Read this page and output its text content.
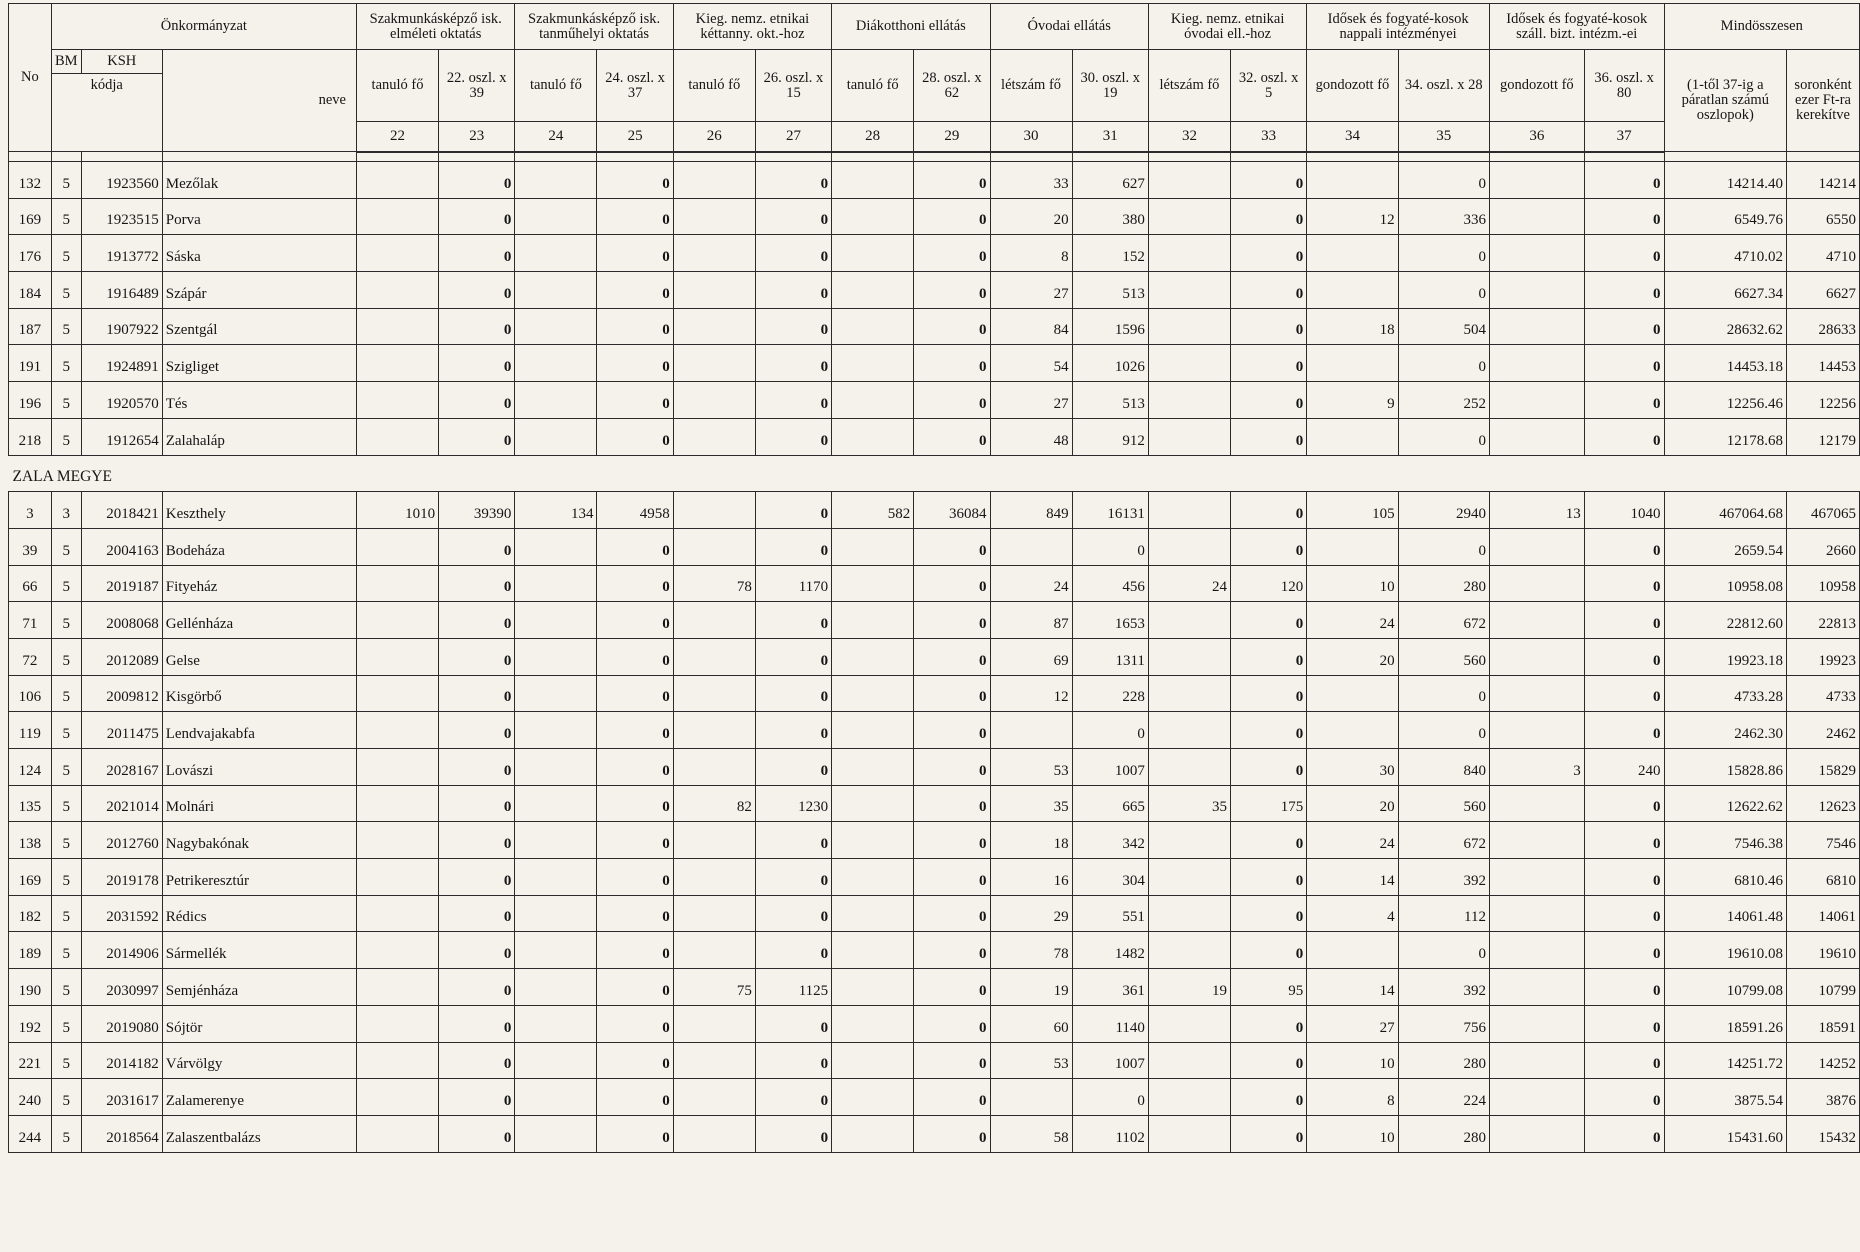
No	Önkormányzat			Szakmunkásképző isk. elméleti oktatás		Szakmunkásképző isk. tanműhelyi oktatás		Kieg. nemz. etnikai kéttanny. okt.-hoz		Diákotthoni ellátás		Óvodai ellátás		Kieg. nemz. etnikai óvodai ell.-hoz		Idősek és fogyaté-kosok nappali intézményei		Idősek és fogyaté-kosok száll. bizt. intézm.-ei		Mindösszesen	
	BM	KSH	neve	tanuló fő	22. oszl. x 39	tanuló fő	24. oszl. x 37	tanuló fő	26. oszl. x 15	tanuló fő	28. oszl. x 62	létszám fő	30. oszl. x 19	létszám fő	32. oszl. x 5	gondozott fő	34. oszl. x 28	gondozott fő	36. oszl. x 80	(1-től 37-ig a páratlan számú oszlopok)	soronként ezer Ft-ra kerekítve
	kódja																				
				22	23	24	25	26	27	28	29	30	31	32	33	34	35	36	37		

132	5	1923560	Mezőlak		0		0		0		0	33	627		0		0		0	14214.40	14214
169	5	1923515	Porva		0		0		0		0	20	380		0	12	336		0	6549.76	6550
176	5	1913772	Sáska		0		0		0		0	8	152		0		0		0	4710.02	4710
184	5	1916489	Szápár		0		0		0		0	27	513		0		0		0	6627.34	6627
187	5	1907922	Szentgál		0		0		0		0	84	1596		0	18	504		0	28632.62	28633
191	5	1924891	Szigliget		0		0		0		0	54	1026		0		0		0	14453.18	14453
196	5	1920570	Tés		0		0		0		0	27	513		0	9	252		0	12256.46	12256
218	5	1912654	Zalahaláp		0		0		0		0	48	912		0		0		0	12178.68	12179
ZALA MEGYE																					
3	3	2018421	Keszthely	1010	39390	134	4958		0	582	36084	849	16131		0	105	2940	13	1040	467064.68	467065
39	5	2004163	Bodeháza		0		0		0		0		0		0		0		0	2659.54	2660
66	5	2019187	Fityeház		0		0	78	1170		0	24	456	24	120	10	280		0	10958.08	10958
71	5	2008068	Gellénháza		0		0		0		0	87	1653		0	24	672		0	22812.60	22813
72	5	2012089	Gelse		0		0		0		0	69	1311		0	20	560		0	19923.18	19923
106	5	2009812	Kisgörbő		0		0		0		0	12	228		0		0		0	4733.28	4733
119	5	2011475	Lendvajakabfa		0		0		0		0		0		0		0		0	2462.30	2462
124	5	2028167	Lovászi		0		0		0		0	53	1007		0	30	840	3	240	15828.86	15829
135	5	2021014	Molnári		0		0	82	1230		0	35	665	35	175	20	560		0	12622.62	12623
138	5	2012760	Nagybakónak		0		0		0		0	18	342		0	24	672		0	7546.38	7546
169	5	2019178	Petrikeresztúr		0		0		0		0	16	304		0	14	392		0	6810.46	6810
182	5	2031592	Rédics		0		0		0		0	29	551		0	4	112		0	14061.48	14061
189	5	2014906	Sármellék		0		0		0		0	78	1482		0		0		0	19610.08	19610
190	5	2030997	Semjénháza		0		0	75	1125		0	19	361	19	95	14	392		0	10799.08	10799
192	5	2019080	Sójtör		0		0		0		0	60	1140		0	27	756		0	18591.26	18591
221	5	2014182	Várvölgy		0		0		0		0	53	1007		0	10	280		0	14251.72	14252
240	5	2031617	Zalamerenye		0		0		0		0		0		0	8	224		0	3875.54	3876
244	5	2018564	Zalaszentbalázs		0		0		0		0	58	1102		0	10	280		0	15431.60	15432
